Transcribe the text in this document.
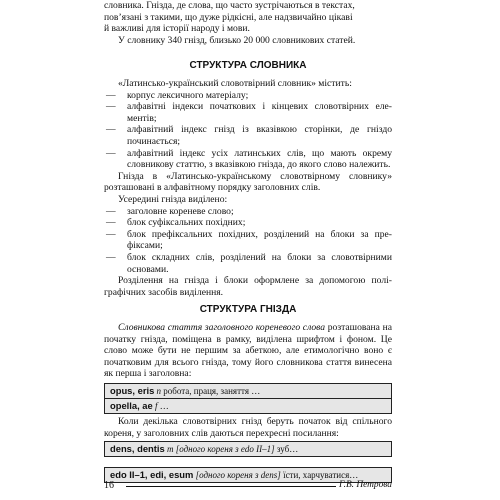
словника. Гнізда, де слова, що часто зустрічаються в текстах,

пов’язані з такими, що дуже рідкісні, але надзвичайно цікаві

й важливі для історії народу і мови.

У словнику 340 гнізд, близько 20 000 словникових статей.

СТРУКТУРА СЛОВНИКА

«Латинсько-український словотвірний словник» містить:

— корпус лексичного матеріалу;
— алфавітні індекси початкових і кінцевих словотвірних елементів;
— алфавітний індекс гнізд із вказівкою сторінки, де гніздо починається;
— алфавітний індекс усіх латинських слів, що мають окрему словникову статтю, з вказівкою гнізда, до якого слово належить.

Гнізда в «Латинсько-українському словотвірному словнику» розташовані в алфавітному порядку заголовних слів.

Усередині гнізда виділено:

— заголовне кореневе слово;
— блок суфіксальних похідних;
— блок префіксальних похідних, розділений на блоки за префіксами;
— блок складних слів, розділений на блоки за словотвірними основами.

Розділення на гнізда і блоки оформлене за допомогою поліграфічних засобів виділення.

СТРУКТУРА ГНІЗДА

Словникова стаття заголовного кореневого слова розташована на початку гнізда, поміщена в рамку, виділена шрифтом і фоном. Це слово може бути не першим за абеткою, але етимологічно воно є початковим для всього гнізда, тому його словникова стаття винесена як перша і заголовна:

opus, eris n робота, праця, заняття …
opella, ae f …

Коли декілька словотвірних гнізд беруть початок від спільного кореня, у заголовних слів даються перехресні посилання:

dens, dentis m [одного кореня з edo II–1] зуб…
edo II–1, edi, esum [одного кореня з dens] їсти, харчуватися…
16	Г.В. Петрова
